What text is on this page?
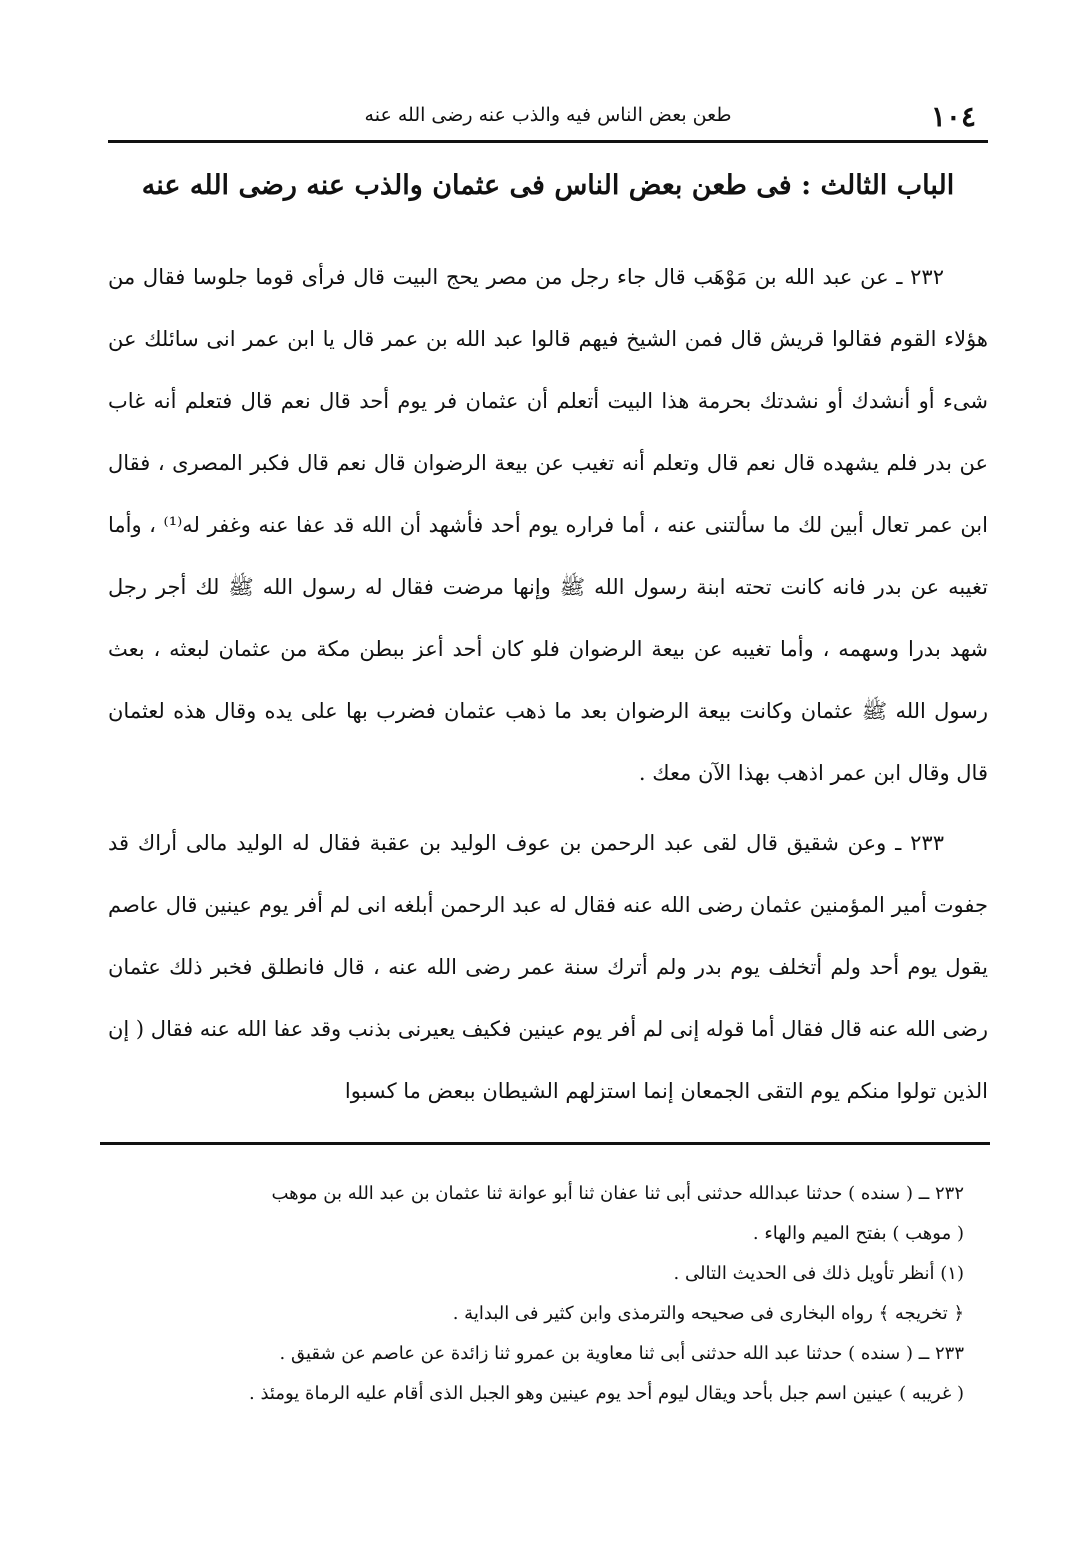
١٠٤
طعن بعض الناس فيه والذب عنه رضى الله عنه
الباب الثالث : فى طعن بعض الناس فى عثمان والذب عنه رضى الله عنه

٢٣٢ ـ عن عبد الله بن مَوْهَب قال جاء رجل من مصر يحج البيت قال فرأى قوما جلوسا فقال من هؤلاء القوم فقالوا قريش قال فمن الشيخ فيهم قالوا عبد الله بن عمر قال يا ابن عمر انى سائلك عن شىء أو أنشدك أو نشدتك بحرمة هذا البيت أتعلم أن عثمان فر يوم أحد قال نعم قال فتعلم أنه غاب عن بدر فلم يشهده قال نعم قال وتعلم أنه تغيب عن بيعة الرضوان قال نعم قال فكبر المصرى ، فقال ابن عمر تعال أبين لك ما سألتنى عنه ، أما فراره يوم أحد فأشهد أن الله قد عفا عنه وغفر له⁽¹⁾ ، وأما تغيبه عن بدر فانه كانت تحته ابنة رسول الله ﷺ وإنها مرضت فقال له رسول الله ﷺ لك أجر رجل شهد بدرا وسهمه ، وأما تغيبه عن بيعة الرضوان فلو كان أحد أعز ببطن مكة من عثمان لبعثه ، بعث رسول الله ﷺ عثمان وكانت بيعة الرضوان بعد ما ذهب عثمان فضرب بها على يده وقال هذه لعثمان قال وقال ابن عمر اذهب بهذا الآن معك .

٢٣٣ ـ وعن شقيق قال لقى عبد الرحمن بن عوف الوليد بن عقبة فقال له الوليد مالى أراك قد جفوت أمير المؤمنين عثمان رضى الله عنه فقال له عبد الرحمن أبلغه انى لم أفر يوم عينين قال عاصم يقول يوم أحد ولم أتخلف يوم بدر ولم أترك سنة عمر رضى الله عنه ، قال فانطلق فخبر ذلك عثمان رضى الله عنه قال فقال أما قوله إنى لم أفر يوم عينين فكيف يعيرنى بذنب وقد عفا الله عنه فقال ( إن الذين تولوا منكم يوم التقى الجمعان إنما استزلهم الشيطان ببعض ما كسبوا

٢٣٢ ــ ( سنده ) حدثنا عبدالله حدثنى أبى ثنا عفان ثنا أبو عوانة ثنا عثمان بن عبد الله بن موهب

( موهب ) بفتح الميم والهاء .

(١) أنظر تأويل ذلك فى الحديث التالى .

﴿ تخريجه ﴾ رواه البخارى فى صحيحه والترمذى وابن كثير فى البداية .

٢٣٣ ــ ( سنده ) حدثنا عبد الله حدثنى أبى ثنا معاوية بن عمرو ثنا زائدة عن عاصم عن شقيق .

( غريبه ) عينين اسم جبل بأحد ويقال ليوم أحد يوم عينين وهو الجبل الذى أقام عليه الرماة يومئذ .
